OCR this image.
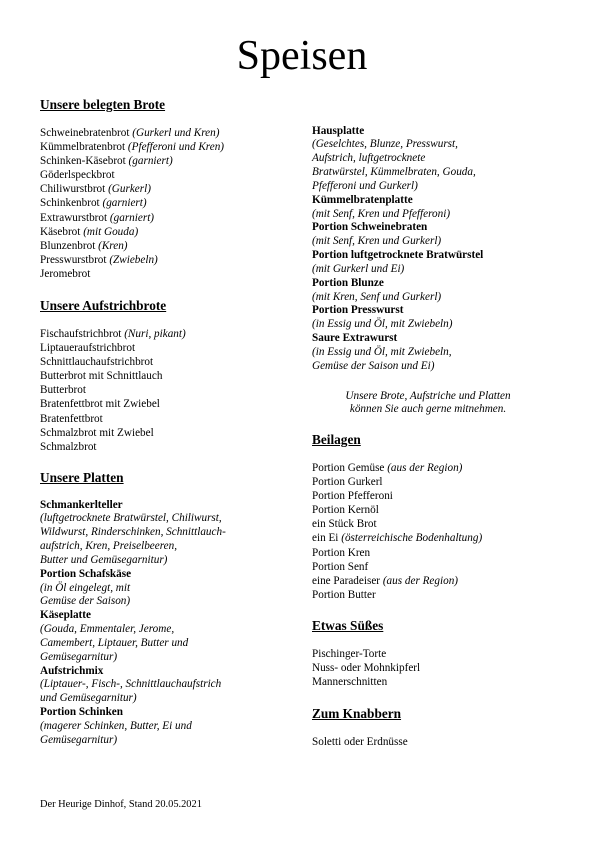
Speisen
Unsere belegten Brote
Schweinebratenbrot (Gurkerl und Kren)
Kümmelbratenbrot (Pfefferoni und Kren)
Schinken-Käsebrot (garniert)
Göderlspeckbrot
Chiliwurstbrot (Gurkerl)
Schinkenbrot (garniert)
Extrawurstbrot (garniert)
Käsebrot (mit Gouda)
Blunzenbrot (Kren)
Presswurstbrot (Zwiebeln)
Jeromebrot
Unsere Aufstrichbrote
Fischaufstrichbrot (Nuri, pikant)
Liptaueraufstrichbrot
Schnittlauchaufstrichbrot
Butterbrot mit Schnittlauch
Butterbrot
Bratenfettbrot mit Zwiebel
Bratenfettbrot
Schmalzbrot mit Zwiebel
Schmalzbrot
Unsere Platten
Schmankerlteller
(luftgetrocknete Bratwürstel, Chiliwurst,
Wildwurst, Rinderschinken, Schnittlauch-
aufstrich, Kren, Preiselbeeren,
Butter und Gemüsegarnitur)
Portion Schafskäse
(in Öl eingelegt, mit
Gemüse der Saison)
Käseplatte
(Gouda, Emmentaler, Jerome,
Camembert, Liptauer, Butter und
Gemüsegarnitur)
Aufstrichmix
(Liptauer-, Fisch-, Schnittlauchaufstrich
und Gemüsegarnitur)
Portion Schinken
(magerer Schinken, Butter, Ei und
Gemüsegarnitur)
Hausplatte
(Geselchtes, Blunze, Presswurst,
Aufstrich, luftgetrocknete
Bratwürstel, Kümmelbraten, Gouda,
Pfefferoni und Gurkerl)
Kümmelbratenplatte
(mit Senf, Kren und Pfefferoni)
Portion Schweinebraten
(mit Senf, Kren und Gurkerl)
Portion luftgetrocknete Bratwürstel
(mit Gurkerl und Ei)
Portion Blunze
(mit Kren, Senf und Gurkerl)
Portion Presswurst
(in Essig und Öl, mit Zwiebeln)
Saure Extrawurst
(in Essig und Öl, mit Zwiebeln,
Gemüse der Saison und Ei)
Unsere Brote, Aufstriche und Platten
können Sie auch gerne mitnehmen.
Beilagen
Portion Gemüse (aus der Region)
Portion Gurkerl
Portion Pfefferoni
Portion Kernöl
ein Stück Brot
ein Ei (österreichische Bodenhaltung)
Portion Kren
Portion Senf
eine Paradeiser (aus der Region)
Portion Butter
Etwas Süßes
Pischinger-Torte
Nuss- oder Mohnkipferl
Mannerschnitten
Zum Knabbern
Soletti oder Erdnüsse
Der Heurige Dinhof, Stand 20.05.2021
